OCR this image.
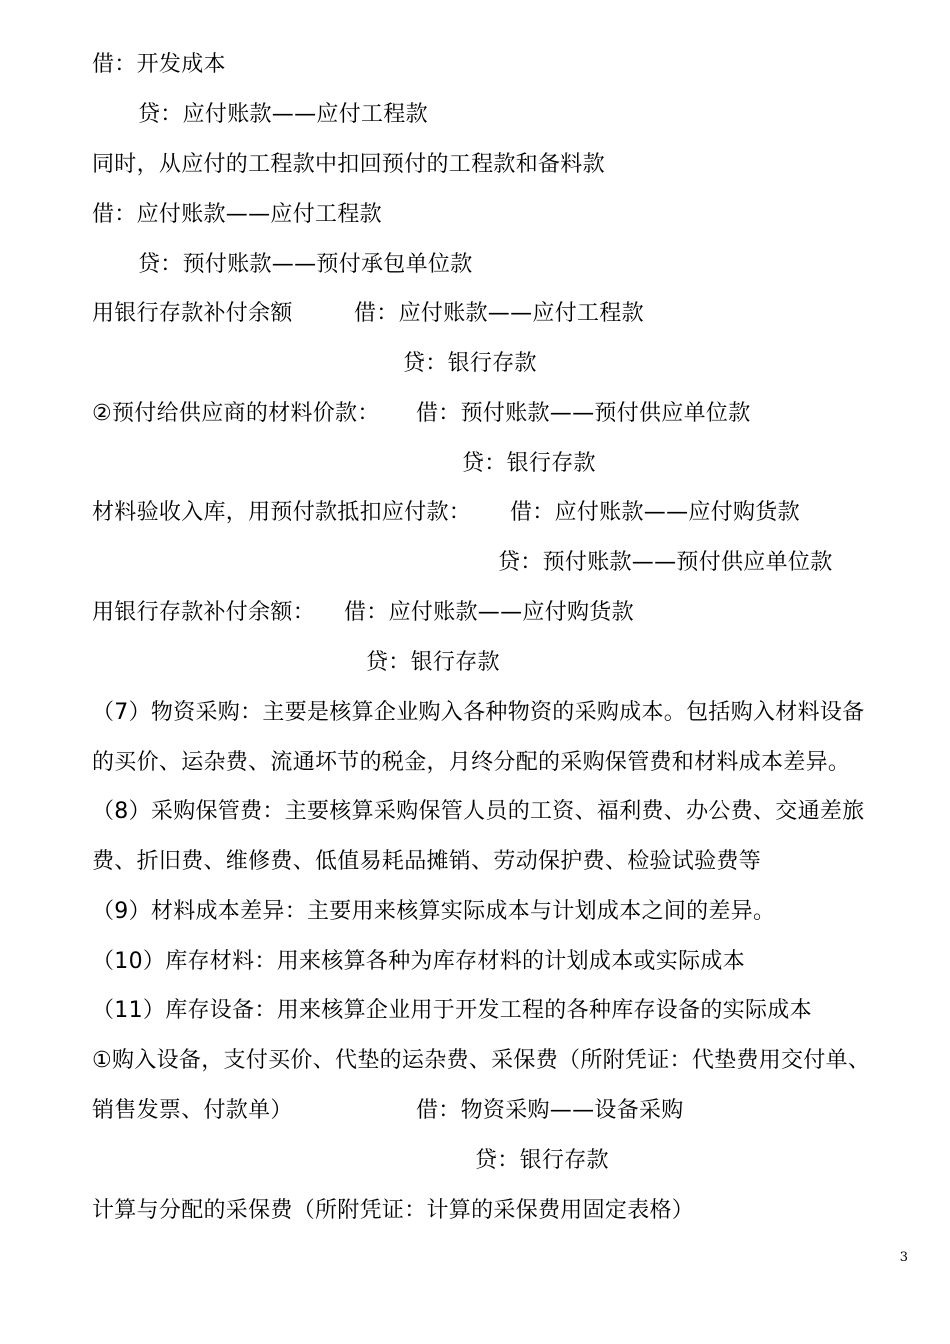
借：开发成本
贷：应付账款——应付工程款
同时，从应付的工程款中扣回预付的工程款和备料款
借：应付账款——应付工程款
贷：预付账款——预付承包单位款
用银行存款补付余额	借：应付账款——应付工程款
贷：银行存款
②预付给供应商的材料价款： 借：预付账款——预付供应单位款
贷：银行存款
材料验收入库，用预付款抵扣应付款： 借：应付账款——应付购货款
贷：预付账款——预付供应单位款
用银行存款补付余额： 借：应付账款——应付购货款
贷：银行存款
（7）物资采购：主要是核算企业购入各种物资的采购成本。包括购入材料设备
的买价、运杂费、流通坏节的税金，月终分配的采购保管费和材料成本差异。
（8）采购保管费：主要核算采购保管人员的工资、福利费、办公费、交通差旅
费、折旧费、维修费、低值易耗品摊销、劳动保护费、检验试验费等
（9）材料成本差异：主要用来核算实际成本与计划成本之间的差异。
（10）库存材料：用来核算各种为库存材料的计划成本或实际成本
（11）库存设备：用来核算企业用于开发工程的各种库存设备的实际成本
①购入设备，支付买价、代垫的运杂费、采保费（所附凭证：代垫费用交付单、
销售发票、付款单）	借：物资采购——设备采购
贷：银行存款
计算与分配的采保费（所附凭证：计算的采保费用固定表格）
3
